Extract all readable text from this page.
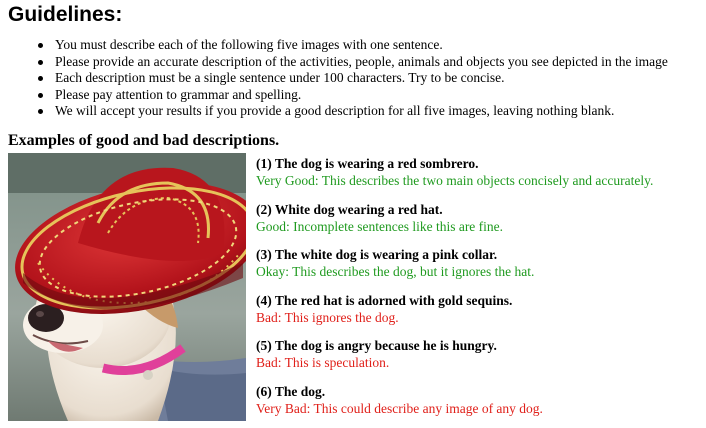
Guidelines:
You must describe each of the following five images with one sentence.
Please provide an accurate description of the activities, people, animals and objects you see depicted in the image
Each description must be a single sentence under 100 characters. Try to be concise.
Please pay attention to grammar and spelling.
We will accept your results if you provide a good description for all five images, leaving nothing blank.
Examples of good and bad descriptions.
(1) The dog is wearing a red sombrero.
Very Good: This describes the two main objects concisely and accurately.
(2) White dog wearing a red hat.
Good: Incomplete sentences like this are fine.
(3) The white dog is wearing a pink collar.
Okay: This describes the dog, but it ignores the hat.
(4) The red hat is adorned with gold sequins.
Bad: This ignores the dog.
(5) The dog is angry because he is hungry.
Bad: This is speculation.
(6) The dog.
Very Bad: This could describe any image of any dog.
